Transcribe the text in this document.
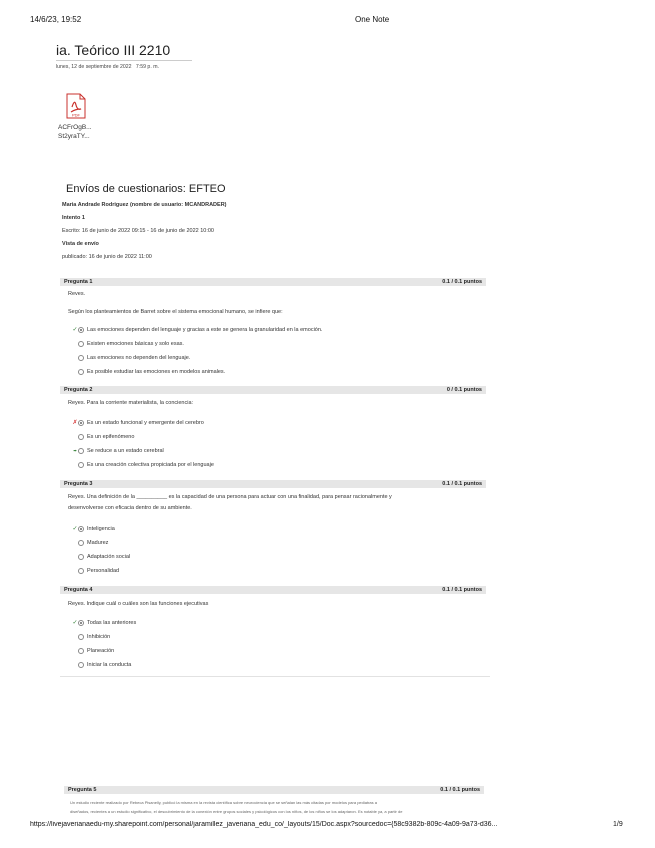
14/6/23, 19:52	One Note
ia. Teórico III 2210
lunes, 12 de septiembre de 2022 7:59 p. m.
PDF
ACFrOgB...
St2yraTY...
Envíos de cuestionarios: EFTEO
Maria Andrade Rodriguez (nombre de usuario: MCANDRADER)
Intento 1
Escrito: 16 de junio de 2022 09:15 - 16 de junio de 2022 10:00
Vista de envío
publicado: 16 de junio de 2022 11:00
Pregunta 1	0.1 / 0.1 puntos
Reves.
Según los planteamientos de Barret sobre el sistema emocional humano, se infiere que:
✓ Las emociones dependen del lenguaje y gracias a este se genera la granularidad en la emoción.
Existen emociones básicas y solo esas.
Las emociones no dependen del lenguaje.
Es posible estudiar las emociones en modelos animales.
Pregunta 2	0 / 0.1 puntos
Reyes. Para la corriente materialista, la conciencia:
✗ Es un estado funcional y emergente del cerebro
Es un epifenómeno
➡ Se reduce a un estado cerebral
Es una creación colectiva propiciada por el lenguaje
Pregunta 3	0.1 / 0.1 puntos
Reyes. Una definición de la __________ es la capacidad de una persona para actuar con una finalidad, para pensar racionalmente y
desenvolverse con eficacia dentro de su ambiente.
✓ Inteligencia
Madurez
Adaptación social
Personalidad
Pregunta 4	0.1 / 0.1 puntos
Reyes. Indique cuál o cuáles son las funciones ejecutivas
✓ Todas las anteriores
Inhibición
Planeación
Iniciar la conducta
Pregunta 5	0.1 / 0.1 puntos
Un estudio reciente realizado por Rebeca Pisanelly, publicó la misma en la revista científica sobre neurociencia que se señalan las más citadas por modelos para pediatras a
diseñados, recientes a un estudio significativo, el descubrimiento de la conexión entre grupos sociales y psicológicos con los niños, de los niños se los adaptaron. Es notable ya, a partir de
https://livejaverianaedu-my.sharepoint.com/personal/jaramillez_javeriana_edu_co/_layouts/15/Doc.aspx?sourcedoc={58c9382b-809c-4a09-9a73-d36...	1/9
